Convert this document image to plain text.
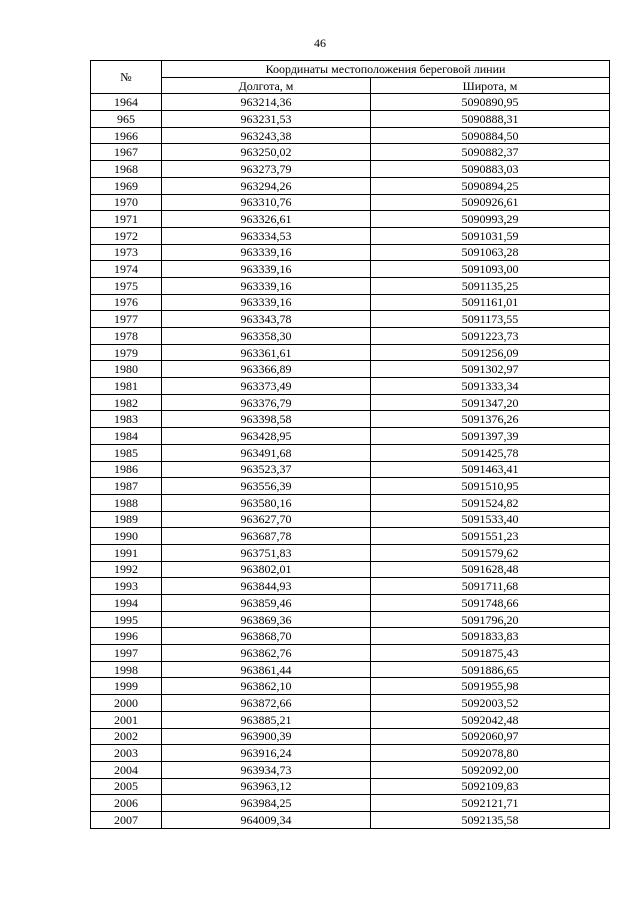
46
№	Координаты местоположения береговой линии	
	Долгота, м	Широта, м
1964	963214,36	5090890,95
965	963231,53	5090888,31
1966	963243,38	5090884,50
1967	963250,02	5090882,37
1968	963273,79	5090883,03
1969	963294,26	5090894,25
1970	963310,76	5090926,61
1971	963326,61	5090993,29
1972	963334,53	5091031,59
1973	963339,16	5091063,28
1974	963339,16	5091093,00
1975	963339,16	5091135,25
1976	963339,16	5091161,01
1977	963343,78	5091173,55
1978	963358,30	5091223,73
1979	963361,61	5091256,09
1980	963366,89	5091302,97
1981	963373,49	5091333,34
1982	963376,79	5091347,20
1983	963398,58	5091376,26
1984	963428,95	5091397,39
1985	963491,68	5091425,78
1986	963523,37	5091463,41
1987	963556,39	5091510,95
1988	963580,16	5091524,82
1989	963627,70	5091533,40
1990	963687,78	5091551,23
1991	963751,83	5091579,62
1992	963802,01	5091628,48
1993	963844,93	5091711,68
1994	963859,46	5091748,66
1995	963869,36	5091796,20
1996	963868,70	5091833,83
1997	963862,76	5091875,43
1998	963861,44	5091886,65
1999	963862,10	5091955,98
2000	963872,66	5092003,52
2001	963885,21	5092042,48
2002	963900,39	5092060,97
2003	963916,24	5092078,80
2004	963934,73	5092092,00
2005	963963,12	5092109,83
2006	963984,25	5092121,71
2007	964009,34	5092135,58
